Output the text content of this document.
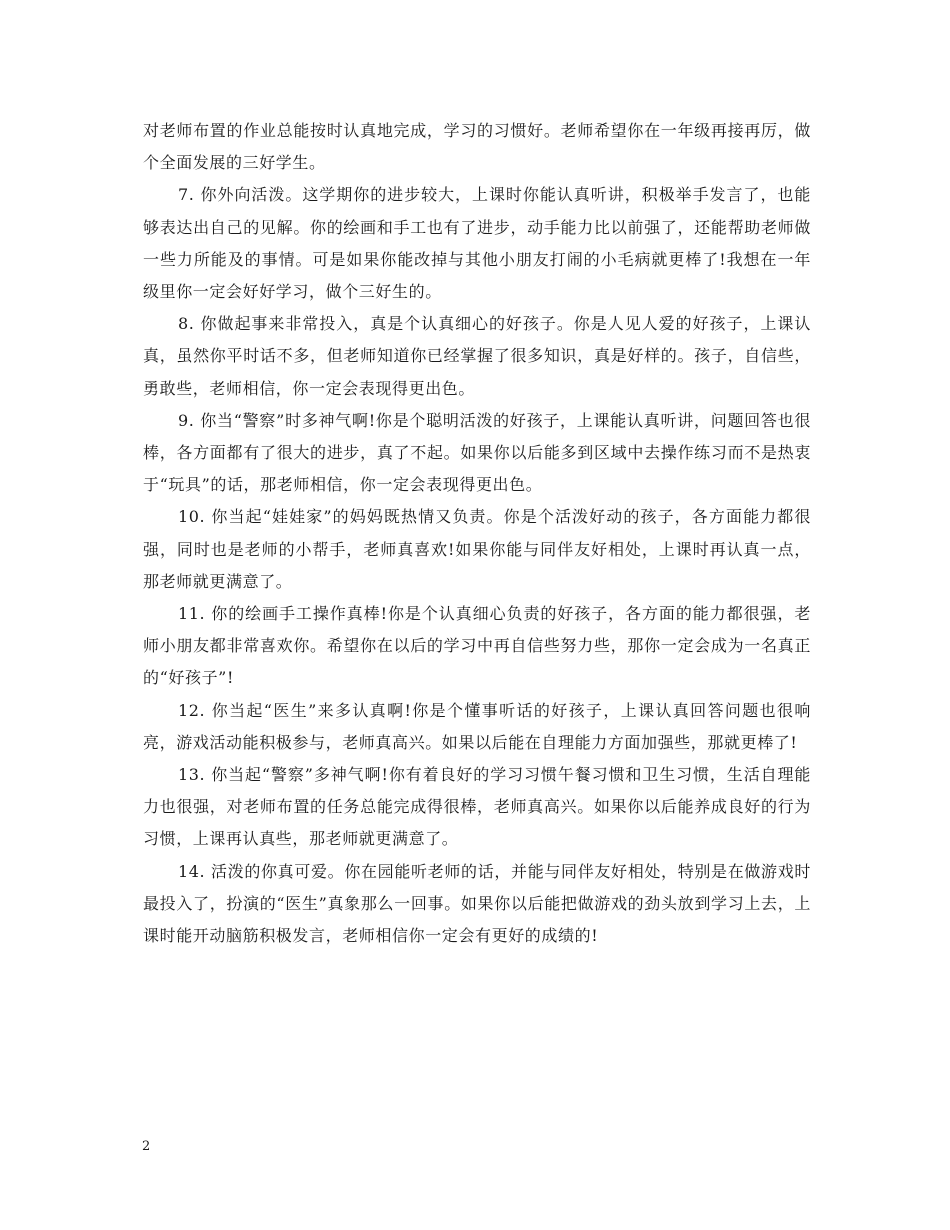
对老师布置的作业总能按时认真地完成，学习的习惯好。老师希望你在一年级再接再厉，做个全面发展的三好学生。

7. 你外向活泼。这学期你的进步较大，上课时你能认真听讲，积极举手发言了，也能够表达出自己的见解。你的绘画和手工也有了进步，动手能力比以前强了，还能帮助老师做一些力所能及的事情。可是如果你能改掉与其他小朋友打闹的小毛病就更棒了!我想在一年级里你一定会好好学习，做个三好生的。

8. 你做起事来非常投入，真是个认真细心的好孩子。你是人见人爱的好孩子，上课认真，虽然你平时话不多，但老师知道你已经掌握了很多知识，真是好样的。孩子，自信些，勇敢些，老师相信，你一定会表现得更出色。

9. 你当“警察”时多神气啊!你是个聪明活泼的好孩子，上课能认真听讲，问题回答也很棒，各方面都有了很大的进步，真了不起。如果你以后能多到区域中去操作练习而不是热衷于“玩具”的话，那老师相信，你一定会表现得更出色。

10. 你当起“娃娃家”的妈妈既热情又负责。你是个活泼好动的孩子，各方面能力都很强，同时也是老师的小帮手，老师真喜欢!如果你能与同伴友好相处，上课时再认真一点，那老师就更满意了。

11. 你的绘画手工操作真棒!你是个认真细心负责的好孩子，各方面的能力都很强，老师小朋友都非常喜欢你。希望你在以后的学习中再自信些努力些，那你一定会成为一名真正的“好孩子”!

12. 你当起“医生”来多认真啊!你是个懂事听话的好孩子，上课认真回答问题也很响亮，游戏活动能积极参与，老师真高兴。如果以后能在自理能力方面加强些，那就更棒了!

13. 你当起“警察”多神气啊!你有着良好的学习习惯午餐习惯和卫生习惯，生活自理能力也很强，对老师布置的任务总能完成得很棒，老师真高兴。如果你以后能养成良好的行为习惯，上课再认真些，那老师就更满意了。

14. 活泼的你真可爱。你在园能听老师的话，并能与同伴友好相处，特别是在做游戏时最投入了，扮演的“医生”真象那么一回事。如果你以后能把做游戏的劲头放到学习上去，上课时能开动脑筋积极发言，老师相信你一定会有更好的成绩的!

2
